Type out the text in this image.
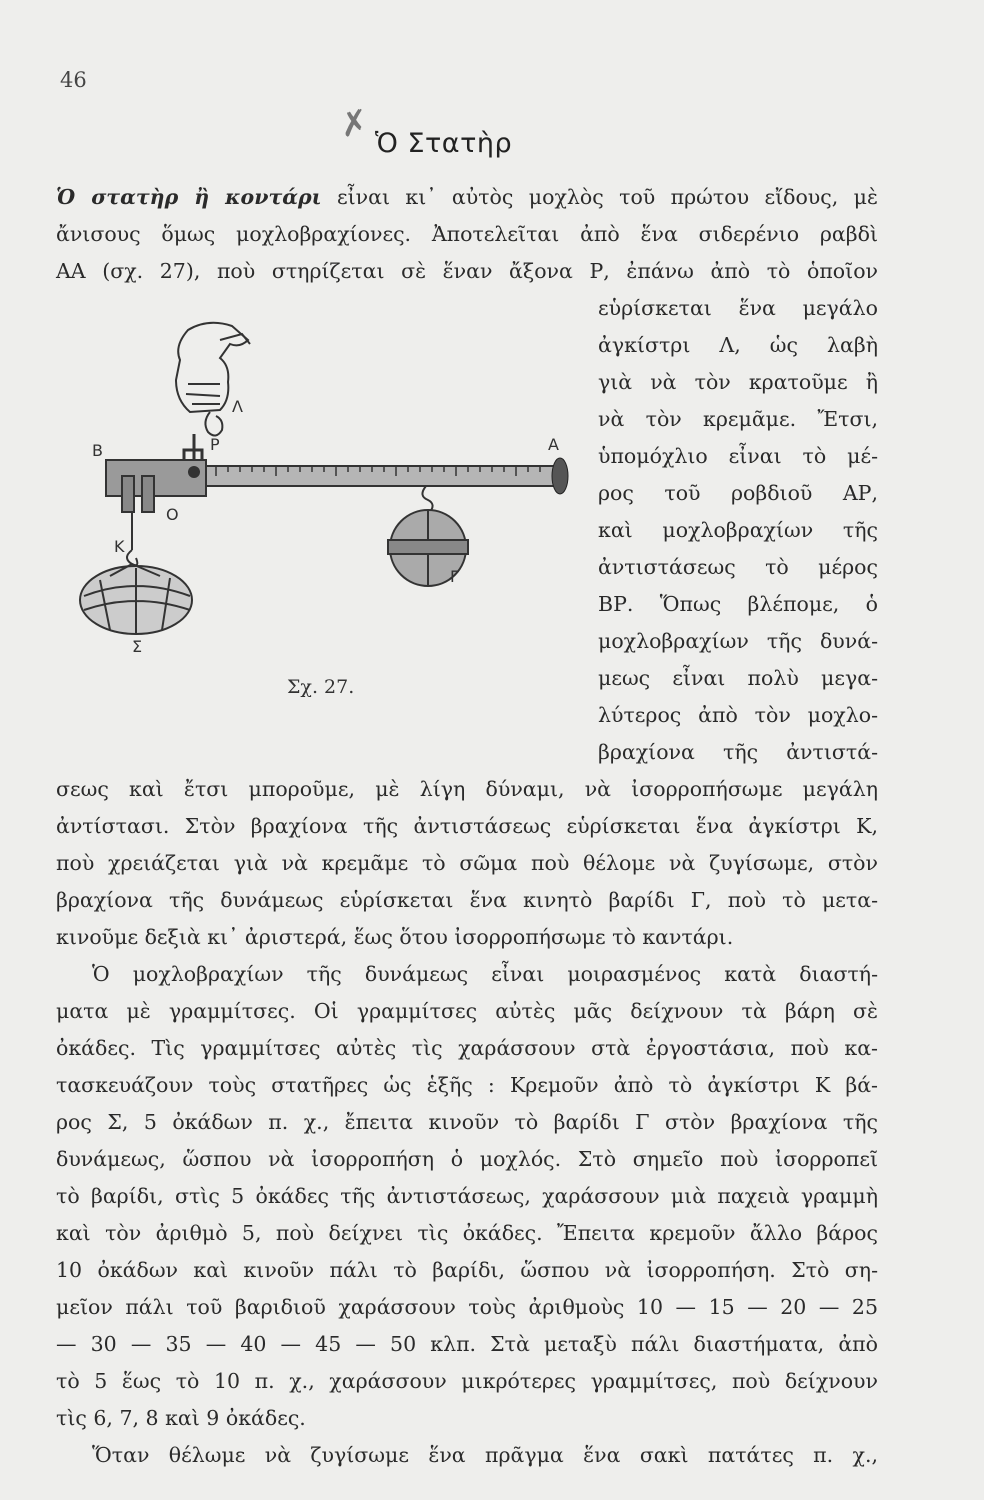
46
✗ Ὁ Στατὴρ
Ὁ στατὴρ ἢ κοντάρι εἶναι κι᾿ αὐτὸς μοχλὸς τοῦ πρώτου εἴδους, μὲ
ἄνισους ὅμως μοχλοβραχίονες. Ἀποτελεῖται ἀπὸ ἕνα σιδερένιο ραβδὶ
ΑΑ (σχ. 27), ποὺ στηρίζεται σὲ ἕναν ἄξονα Ρ, ἐπάνω ἀπὸ τὸ ὁποῖον
εὑρίσκεται ἕνα μεγάλο
ἀγκίστρι Λ, ὡς λαβὴ
γιὰ νὰ τὸν κρατοῦμε ἢ
νὰ τὸν κρεμᾶμε. Ἔτσι,
ὑπομόχλιο εἶναι τὸ μέ-
ρος τοῦ ροβδιοῦ ΑΡ,
καὶ μοχλοβραχίων τῆς
ἀντιστάσεως τὸ μέρος
ΒΡ. Ὅπως βλέπομε, ὁ
μοχλοβραχίων τῆς δυνά-
μεως εἶναι πολὺ μεγα-
λύτερος ἀπὸ τὸν μοχλο-
βραχίονα τῆς ἀντιστά-
σεως καὶ ἔτσι μποροῦμε, μὲ λίγη δύναμι, νὰ ἰσορροπήσωμε μεγάλη
ἀντίστασι. Στὸν βραχίονα τῆς ἀντιστάσεως εὑρίσκεται ἕνα ἀγκίστρι Κ,
ποὺ χρειάζεται γιὰ νὰ κρεμᾶμε τὸ σῶμα ποὺ θέλομε νὰ ζυγίσωμε, στὸν
βραχίονα τῆς δυνάμεως εὑρίσκεται ἕνα κινητὸ βαρίδι Γ, ποὺ τὸ μετα-
κινοῦμε δεξιὰ κι᾿ ἀριστερά, ἕως ὅτου ἰσορροπήσωμε τὸ καντάρι.
Ὁ μοχλοβραχίων τῆς δυνάμεως εἶναι μοιρασμένος κατὰ διαστή-
ματα μὲ γραμμίτσες. Οἱ γραμμίτσες αὐτὲς μᾶς δείχνουν τὰ βάρη σὲ
ὀκάδες. Τὶς γραμμίτσες αὐτὲς τὶς χαράσσουν στὰ ἐργοστάσια, ποὺ κα-
τασκευάζουν τοὺς στατῆρες ὡς ἑξῆς : Κρεμοῦν ἀπὸ τὸ ἀγκίστρι Κ βά-
ρος Σ, 5 ὀκάδων π. χ., ἔπειτα κινοῦν τὸ βαρίδι Γ στὸν βραχίονα τῆς
δυνάμεως, ὥσπου νὰ ἰσορροπήση ὁ μοχλός. Στὸ σημεῖο ποὺ ἰσορροπεῖ
τὸ βαρίδι, στὶς 5 ὀκάδες τῆς ἀντιστάσεως, χαράσσουν μιὰ παχειὰ γραμμὴ
καὶ τὸν ἀριθμὸ 5, ποὺ δείχνει τὶς ὀκάδες. Ἔπειτα κρεμοῦν ἄλλο βάρος
10 ὀκάδων καὶ κινοῦν πάλι τὸ βαρίδι, ὥσπου νὰ ἰσορροπήση. Στὸ ση-
μεῖον πάλι τοῦ βαριδιοῦ χαράσσουν τοὺς ἀριθμοὺς 10 — 15 — 20 — 25
— 30 — 35 — 40 — 45 — 50 κλπ. Στὰ μεταξὺ πάλι διαστήματα, ἀπὸ
τὸ 5 ἕως τὸ 10 π. χ., χαράσσουν μικρότερες γραμμίτσες, ποὺ δείχνουν
τὶς 6, 7, 8 καὶ 9 ὀκάδες.
Ὅταν θέλωμε νὰ ζυγίσωμε ἕνα πρᾶγμα ἕνα σακὶ πατάτες π. χ.,
Λ
Β	Ρ	Α
Ο
Κ
Γ
Σ
Σχ. 27.
